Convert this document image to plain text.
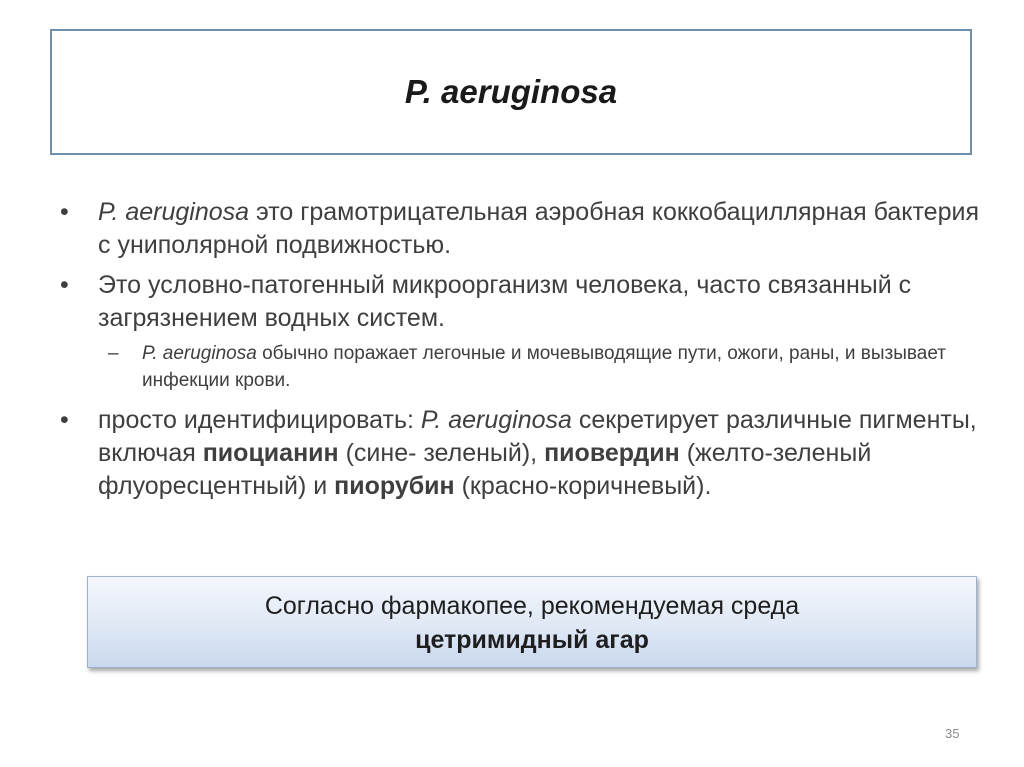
P. aeruginosa
•	P. aeruginosa это грамотрицательная аэробная коккобациллярная бактерия с униполярной подвижностью.
•	Это условно-патогенный микроорганизм человека, часто связанный с загрязнением водных систем.
– P. aeruginosa обычно поражает легочные и мочевыводящие пути, ожоги, раны, и вызывает инфекции крови.
•	просто идентифицировать: P. aeruginosa секретирует различные пигменты, включая пиоцианин (сине- зеленый), пиовердин (желто-зеленый флуоресцентный) и пиорубин (красно-коричневый).
Согласно фармакопее, рекомендуемая среда
цетримидный агар
35
